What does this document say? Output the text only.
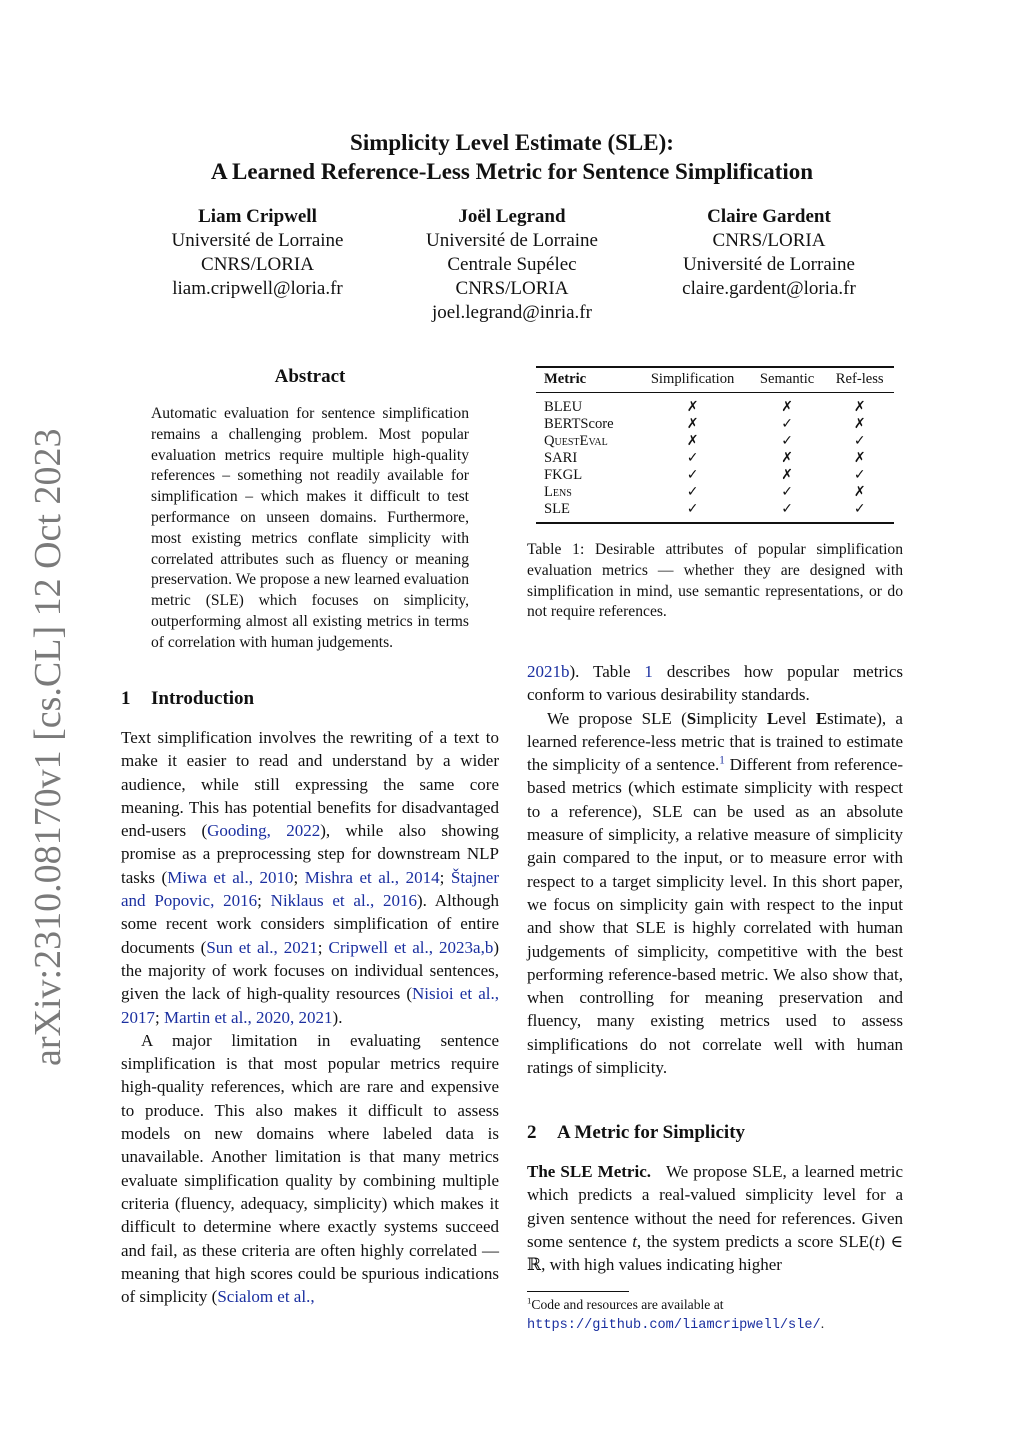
arXiv:2310.08170v1 [cs.CL] 12 Oct 2023
Simplicity Level Estimate (SLE):
A Learned Reference-Less Metric for Sentence Simplification
Liam Cripwell
Université de Lorraine
CNRS/LORIA
liam.cripwell@loria.fr
Joël Legrand
Université de Lorraine
Centrale Supélec
CNRS/LORIA
joel.legrand@inria.fr
Claire Gardent
CNRS/LORIA
Université de Lorraine
claire.gardent@loria.fr
Abstract
Automatic evaluation for sentence simplification remains a challenging problem. Most popular evaluation metrics require multiple high-quality references – something not readily available for simplification – which makes it difficult to test performance on unseen domains. Furthermore, most existing metrics conflate simplicity with correlated attributes such as fluency or meaning preservation. We propose a new learned evaluation metric (SLE) which focuses on simplicity, outperforming almost all existing metrics in terms of correlation with human judgements.
1 Introduction

Text simplification involves the rewriting of a text to make it easier to read and understand by a wider audience, while still expressing the same core meaning. This has potential benefits for disadvantaged end-users (Gooding, 2022), while also showing promise as a preprocessing step for downstream NLP tasks (Miwa et al., 2010; Mishra et al., 2014; Štajner and Popovic, 2016; Niklaus et al., 2016). Although some recent work considers simplification of entire documents (Sun et al., 2021; Cripwell et al., 2023a,b) the majority of work focuses on individual sentences, given the lack of high-quality resources (Nisioi et al., 2017; Martin et al., 2020, 2021).

A major limitation in evaluating sentence simplification is that most popular metrics require high-quality references, which are rare and expensive to produce. This also makes it difficult to assess models on new domains where labeled data is unavailable. Another limitation is that many metrics evaluate simplification quality by combining multiple criteria (fluency, adequacy, simplicity) which makes it difficult to determine where exactly systems succeed and fail, as these criteria are often highly correlated — meaning that high scores could be spurious indications of simplicity (Scialom et al.,

Metric	Simplification	Semantic	Ref-less
BLEU	✗	✗	✗
BERTScore	✗	✓	✗
QuestEval	✗	✓	✓
SARI	✓	✗	✗
FKGL	✓	✗	✓
Lens	✓	✓	✗
SLE	✓	✓	✓
Table 1: Desirable attributes of popular simplification evaluation metrics — whether they are designed with simplification in mind, use semantic representations, or do not require references.

2021b). Table 1 describes how popular metrics conform to various desirability standards.

We propose SLE (Simplicity Level Estimate), a learned reference-less metric that is trained to estimate the simplicity of a sentence.$^1$ Different from reference-based metrics (which estimate simplicity with respect to a reference), SLE can be used as an absolute measure of simplicity, a relative measure of simplicity gain compared to the input, or to measure error with respect to a target simplicity level. In this short paper, we focus on simplicity gain with respect to the input and show that SLE is highly correlated with human judgements of simplicity, competitive with the best performing reference-based metric. We also show that, when controlling for meaning preservation and fluency, many existing metrics used to assess simplifications do not correlate well with human ratings of simplicity.

2 A Metric for Simplicity

The SLE Metric. We propose SLE, a learned metric which predicts a real-valued simplicity level for a given sentence without the need for references. Given some sentence t, the system predicts a score SLE(t) ∈ ℝ, with high values indicating higher

$^1$Code and resources are available at https://github.com/liamcripwell/sle/.
